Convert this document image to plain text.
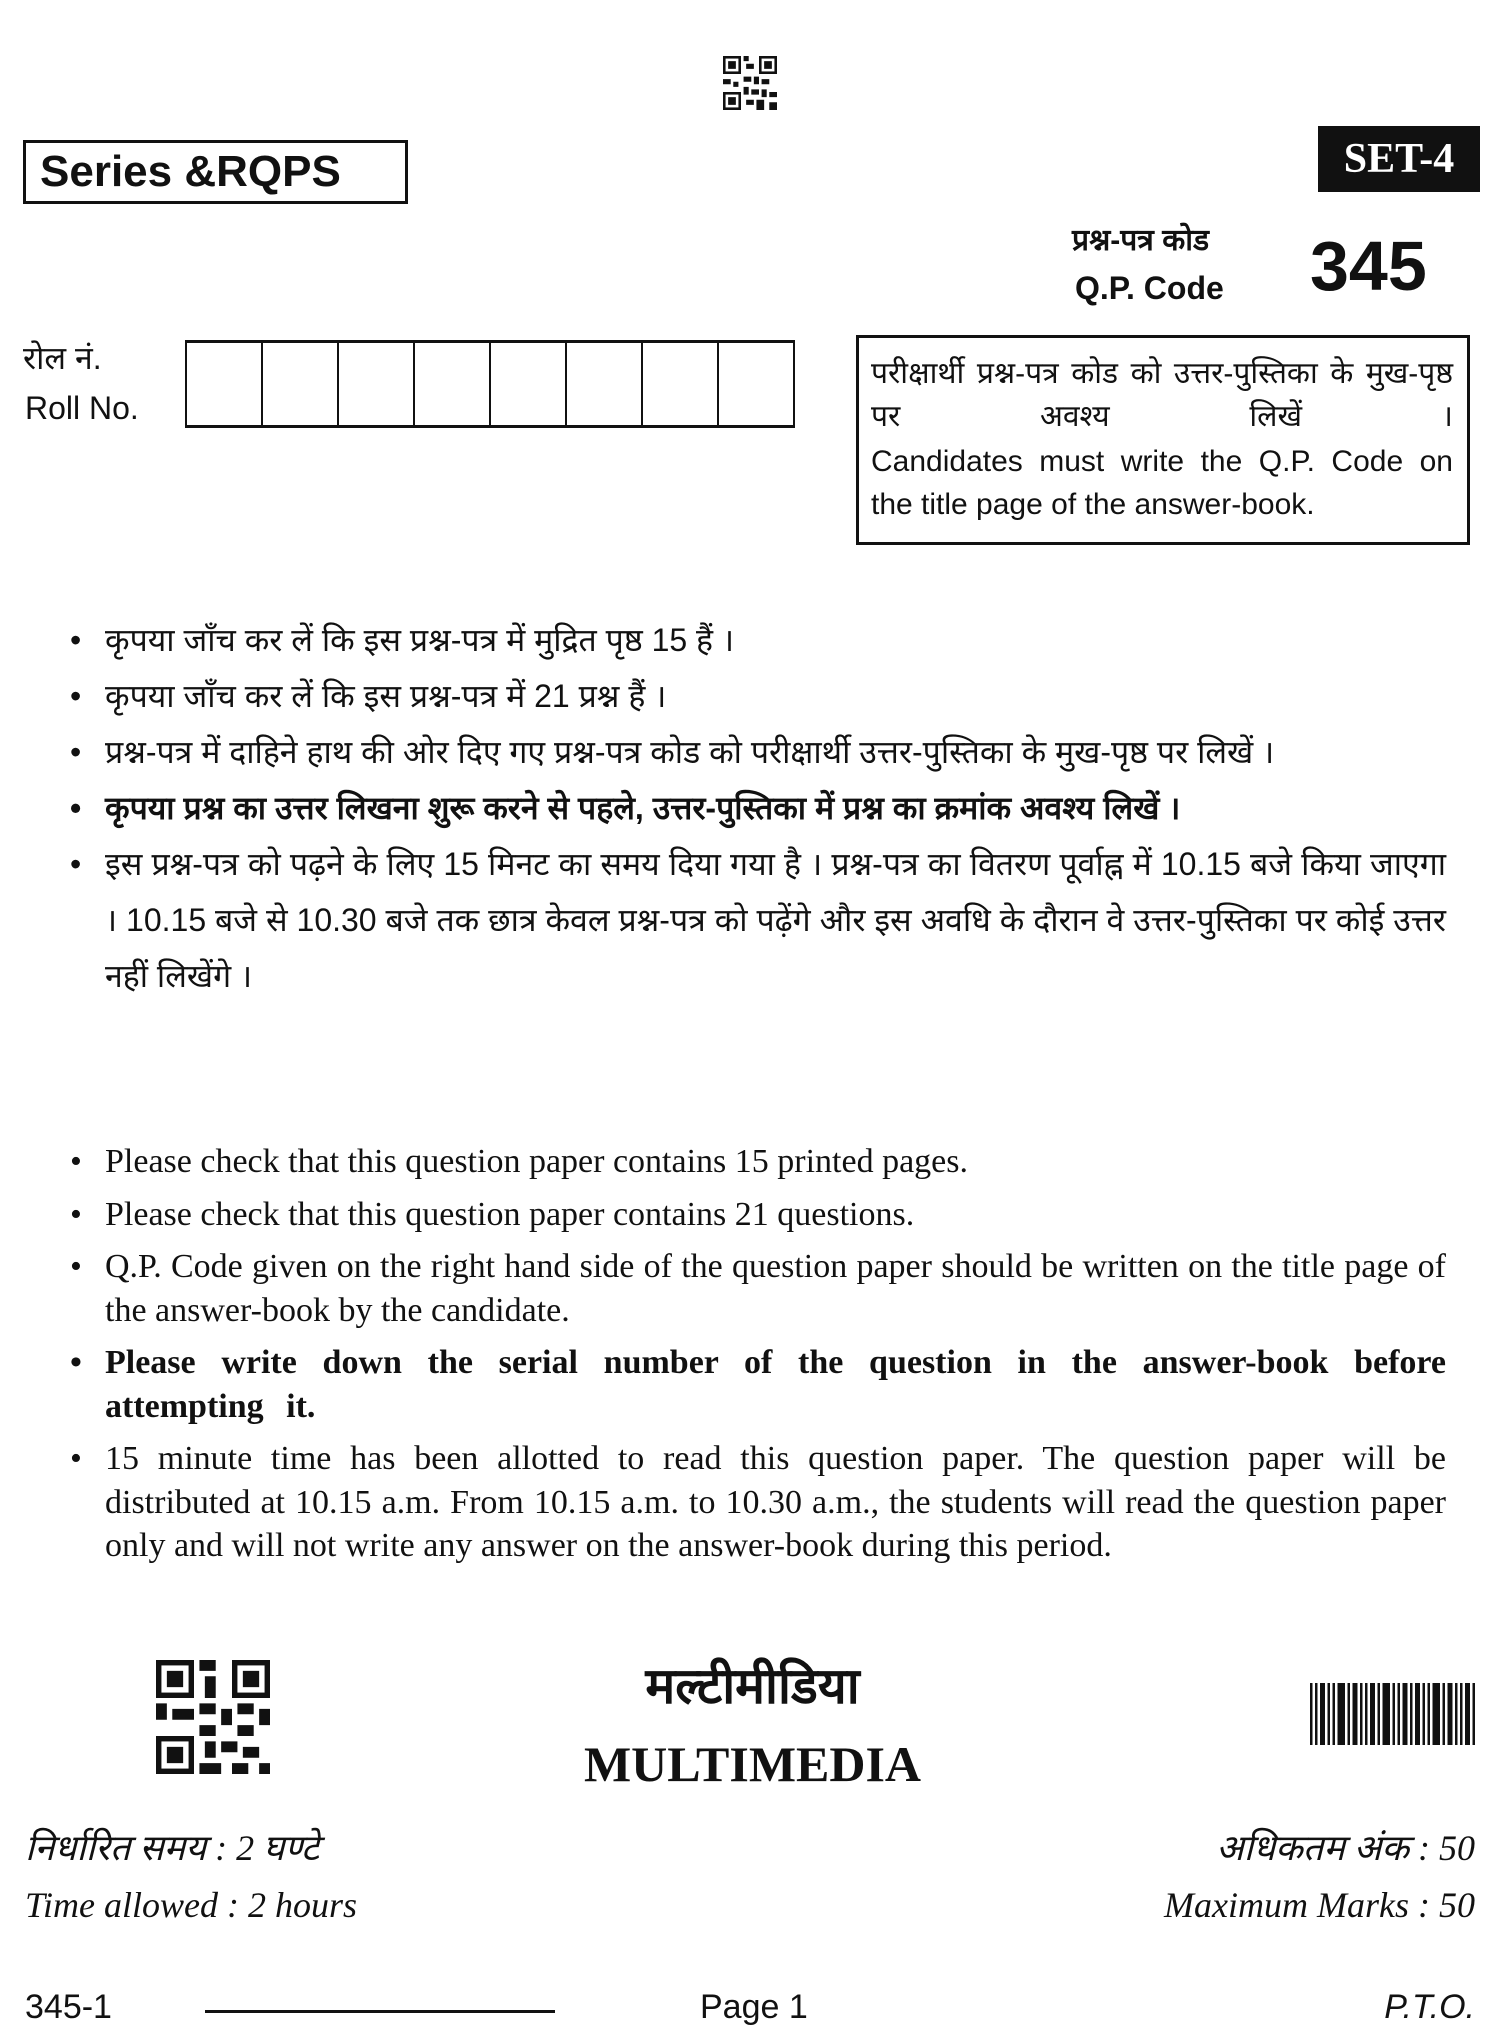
Series &RQPS	SET-4
प्रश्न-पत्र कोड
Q.P. Code 345
रोल नं.
Roll No.
परीक्षार्थी प्रश्न-पत्र कोड को उत्तर-पुस्तिका के मुख-पृष्ठ पर अवश्य लिखें ।
Candidates must write the Q.P. Code on the title page of the answer-book.
• कृपया जाँच कर लें कि इस प्रश्न-पत्र में मुद्रित पृष्ठ 15 हैं ।
• कृपया जाँच कर लें कि इस प्रश्न-पत्र में 21 प्रश्न हैं ।
• प्रश्न-पत्र में दाहिने हाथ की ओर दिए गए प्रश्न-पत्र कोड को परीक्षार्थी उत्तर-पुस्तिका के मुख-पृष्ठ पर लिखें ।
• कृपया प्रश्न का उत्तर लिखना शुरू करने से पहले, उत्तर-पुस्तिका में प्रश्न का क्रमांक अवश्य लिखें ।
• इस प्रश्न-पत्र को पढ़ने के लिए 15 मिनट का समय दिया गया है । प्रश्न-पत्र का वितरण पूर्वाह्न में 10.15 बजे किया जाएगा । 10.15 बजे से 10.30 बजे तक छात्र केवल प्रश्न-पत्र को पढ़ेंगे और इस अवधि के दौरान वे उत्तर-पुस्तिका पर कोई उत्तर नहीं लिखेंगे ।
• Please check that this question paper contains 15 printed pages.
• Please check that this question paper contains 21 questions.
• Q.P. Code given on the right hand side of the question paper should be written on the title page of the answer-book by the candidate.
• Please write down the serial number of the question in the answer-book before attempting it.
• 15 minute time has been allotted to read this question paper. The question paper will be distributed at 10.15 a.m. From 10.15 a.m. to 10.30 a.m., the students will read the question paper only and will not write any answer on the answer-book during this period.
मल्टीमीडिया
MULTIMEDIA
निर्धारित समय : 2 घण्टे
Time allowed : 2 hours
अधिकतम अंक : 50
Maximum Marks : 50
345-1	Page 1	P.T.O.
